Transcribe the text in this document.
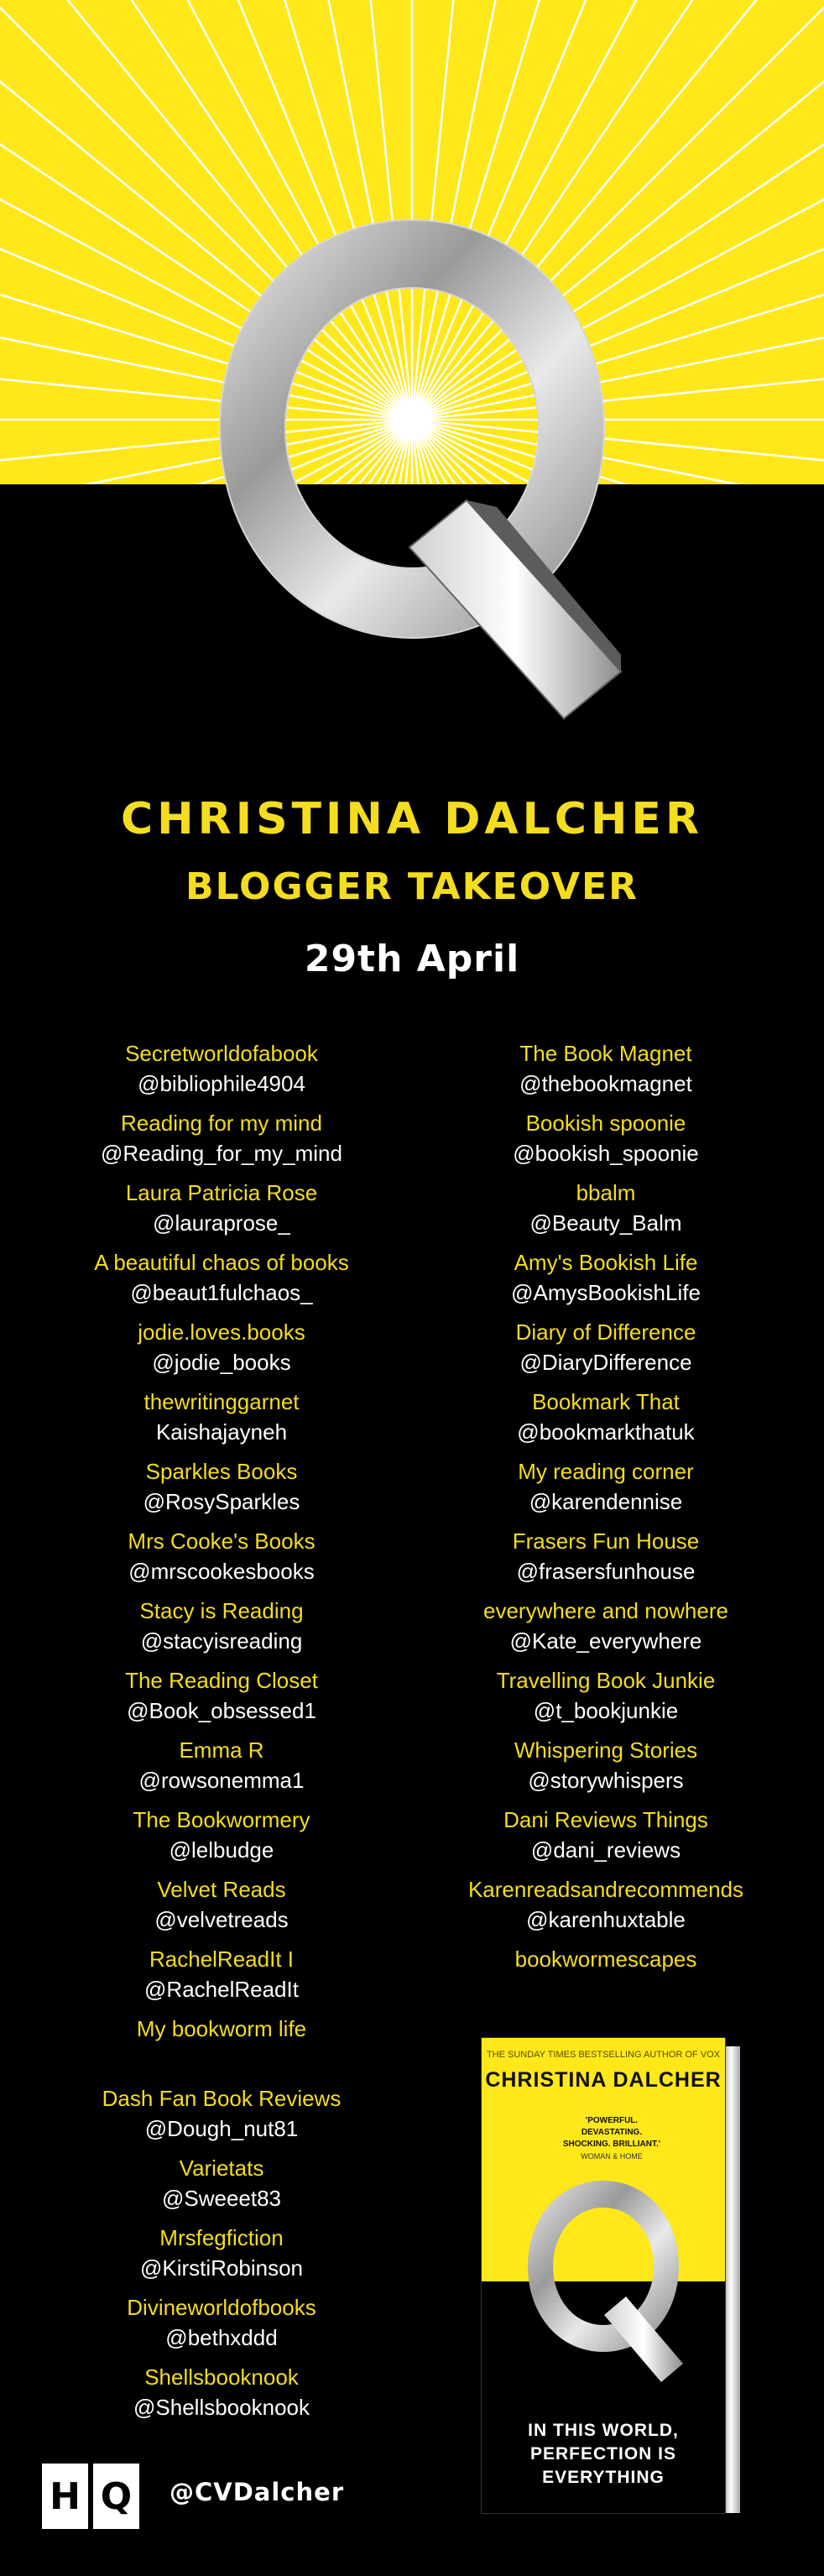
CHRISTINA DALCHER
BLOGGER TAKEOVER
29th April
Secretworldofabook
@bibliophile4904
Reading for my mind
@Reading_for_my_mind
Laura Patricia Rose
@lauraprose_
A beautiful chaos of books
@beaut1fulchaos_
jodie.loves.books
@jodie_books
thewritinggarnet
Kaishajayneh
Sparkles Books
@RosySparkles
Mrs Cooke's Books
@mrscookesbooks
Stacy is Reading
@stacyisreading
The Reading Closet
@Book_obsessed1
Emma R
@rowsonemma1
The Bookwormery
@lelbudge
Velvet Reads
@velvetreads
RachelReadIt I
@RachelReadIt
My bookworm life
Dash Fan Book Reviews
@Dough_nut81
Varietats
@Sweeet83
Mrsfegfiction
@KirstiRobinson
Divineworldofbooks
@bethxddd
Shellsbooknook
@Shellsbooknook
The Book Magnet
@thebookmagnet
Bookish spoonie
@bookish_spoonie
bbalm
@Beauty_Balm
Amy's Bookish Life
@AmysBookishLife
Diary of Difference
@DiaryDifference
Bookmark That
@bookmarkthatuk
My reading corner
@karendennise
Frasers Fun House
@frasersfunhouse
everywhere and nowhere
@Kate_everywhere
Travelling Book Junkie
@t_bookjunkie
Whispering Stories
@storywhispers
Dani Reviews Things
@dani_reviews
Karenreadsandrecommends
@karenhuxtable
bookwormescapes
THE SUNDAY TIMES BESTSELLING AUTHOR OF VOX
CHRISTINA DALCHER
'POWERFUL. DEVASTATING. SHOCKING. BRILLIANT.'
WOMAN & HOME
IN THIS WORLD,
PERFECTION IS
EVERYTHING
H Q	@CVDalcher
